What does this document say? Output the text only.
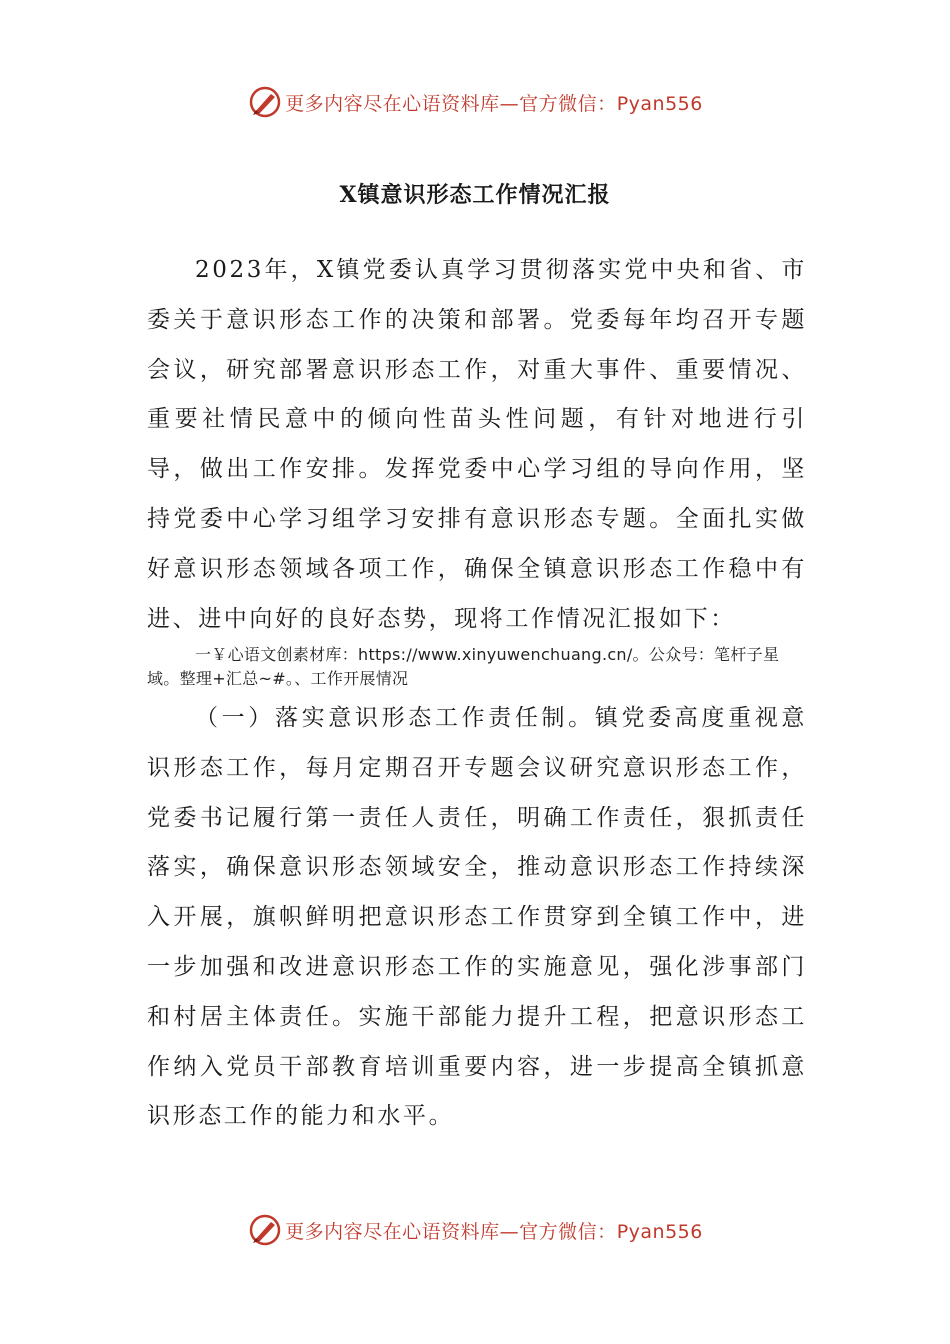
更多内容尽在心语资料库—官方微信：Pyan556
X镇意识形态工作情况汇报

2023年，X镇党委认真学习贯彻落实党中央和省、市委关于意识形态工作的决策和部署。党委每年均召开专题会议，研究部署意识形态工作，对重大事件、重要情况、重要社情民意中的倾向性苗头性问题，有针对地进行引导，做出工作安排。发挥党委中心学习组的导向作用，坚持党委中心学习组学习安排有意识形态专题。全面扎实做好意识形态领域各项工作，确保全镇意识形态工作稳中有进、进中向好的良好态势，现将工作情况汇报如下：

一￥心语文创素材库：https://www.xinyuwenchuang.cn/。公众号：笔杆子星域。整理+汇总~#。、工作开展情况

（一）落实意识形态工作责任制。镇党委高度重视意识形态工作，每月定期召开专题会议研究意识形态工作，党委书记履行第一责任人责任，明确工作责任，狠抓责任落实，确保意识形态领域安全，推动意识形态工作持续深入开展，旗帜鲜明把意识形态工作贯穿到全镇工作中，进一步加强和改进意识形态工作的实施意见，强化涉事部门和村居主体责任。实施干部能力提升工程，把意识形态工作纳入党员干部教育培训重要内容，进一步提高全镇抓意识形态工作的能力和水平。

更多内容尽在心语资料库—官方微信：Pyan556
